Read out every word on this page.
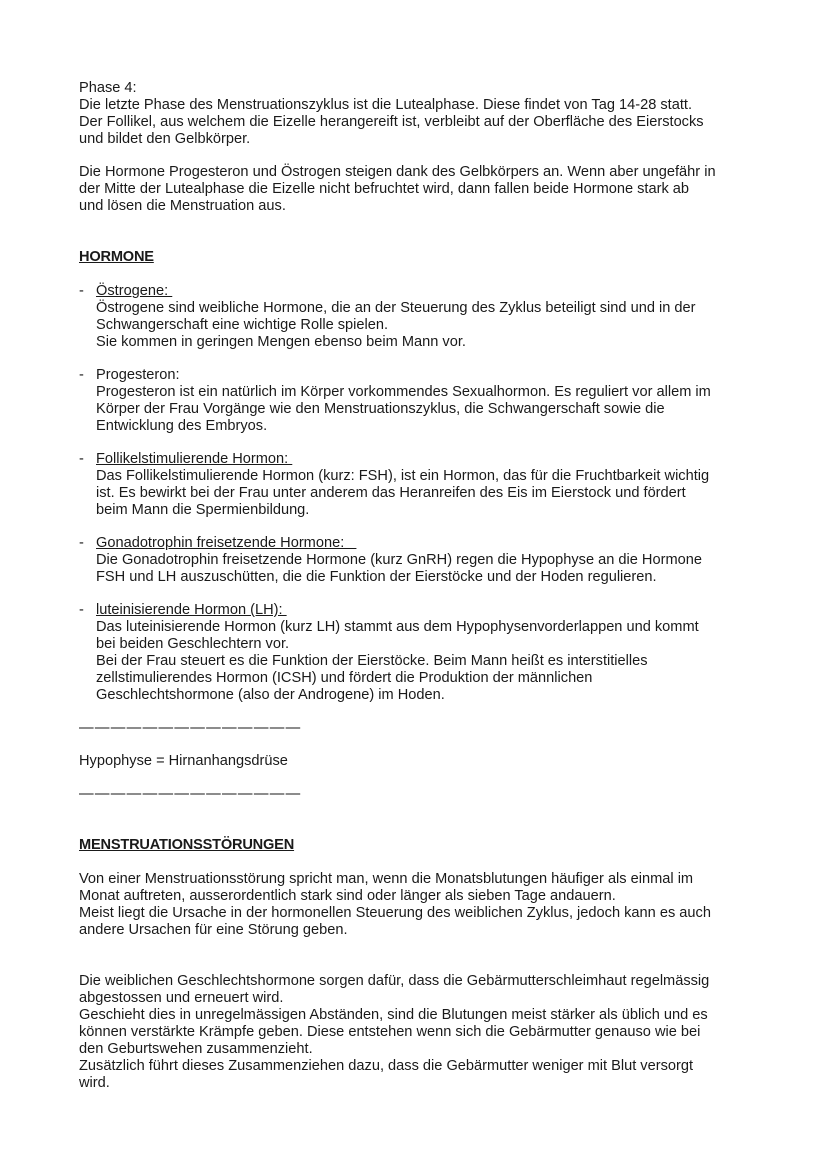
Phase 4:

Die letzte Phase des Menstruationszyklus ist die Lutealphase. Diese findet von Tag 14-28 statt.
Der Follikel, aus welchem die Eizelle herangereift ist, verbleibt auf der Oberfläche des Eierstocks
und bildet den Gelbkörper.

Die Hormone Progesteron und Östrogen steigen dank des Gelbkörpers an. Wenn aber ungefähr in
der Mitte der Lutealphase die Eizelle nicht befruchtet wird, dann fallen beide Hormone stark ab
und lösen die Menstruation aus.

HORMONE
- Östrogene:
Östrogene sind weibliche Hormone, die an der Steuerung des Zyklus beteiligt sind und in der
Schwangerschaft eine wichtige Rolle spielen.
Sie kommen in geringen Mengen ebenso beim Mann vor.
- Progesteron:
Progesteron ist ein natürlich im Körper vorkommendes Sexualhormon. Es reguliert vor allem im
Körper der Frau Vorgänge wie den Menstruationszyklus, die Schwangerschaft sowie die
Entwicklung des Embryos.
- Follikelstimulierende Hormon:
Das Follikelstimulierende Hormon (kurz: FSH), ist ein Hormon, das für die Fruchtbarkeit wichtig
ist. Es bewirkt bei der Frau unter anderem das Heranreifen des Eis im Eierstock und fördert
beim Mann die Spermienbildung.
- Gonadotrophin freisetzende Hormone:
Die Gonadotrophin freisetzende Hormone (kurz GnRH) regen die Hypophyse an die Hormone
FSH und LH auszuschütten, die die Funktion der Eierstöcke und der Hoden regulieren.
- luteinisierende Hormon (LH):
Das luteinisierende Hormon (kurz LH) stammt aus dem Hypophysenvorderlappen und kommt
bei beiden Geschlechtern vor.
Bei der Frau steuert es die Funktion der Eierstöcke. Beim Mann heißt es interstitielles
zellstimulierendes Hormon (ICSH) und fördert die Produktion der männlichen
Geschlechtshormone (also der Androgene) im Hoden.
——————————————
Hypophyse = Hirnanhangsdrüse
——————————————
MENSTRUATIONSSTÖRUNGEN

Von einer Menstruationsstörung spricht man, wenn die Monatsblutungen häufiger als einmal im
Monat auftreten, ausserordentlich stark sind oder länger als sieben Tage andauern.
Meist liegt die Ursache in der hormonellen Steuerung des weiblichen Zyklus, jedoch kann es auch
andere Ursachen für eine Störung geben.

Die weiblichen Geschlechtshormone sorgen dafür, dass die Gebärmutterschleimhaut regelmässig
abgestossen und erneuert wird.
Geschieht dies in unregelmässigen Abständen, sind die Blutungen meist stärker als üblich und es
können verstärkte Krämpfe geben. Diese entstehen wenn sich die Gebärmutter genauso wie bei
den Geburtswehen zusammenzieht.
Zusätzlich führt dieses Zusammenziehen dazu, dass die Gebärmutter weniger mit Blut versorgt
wird.
